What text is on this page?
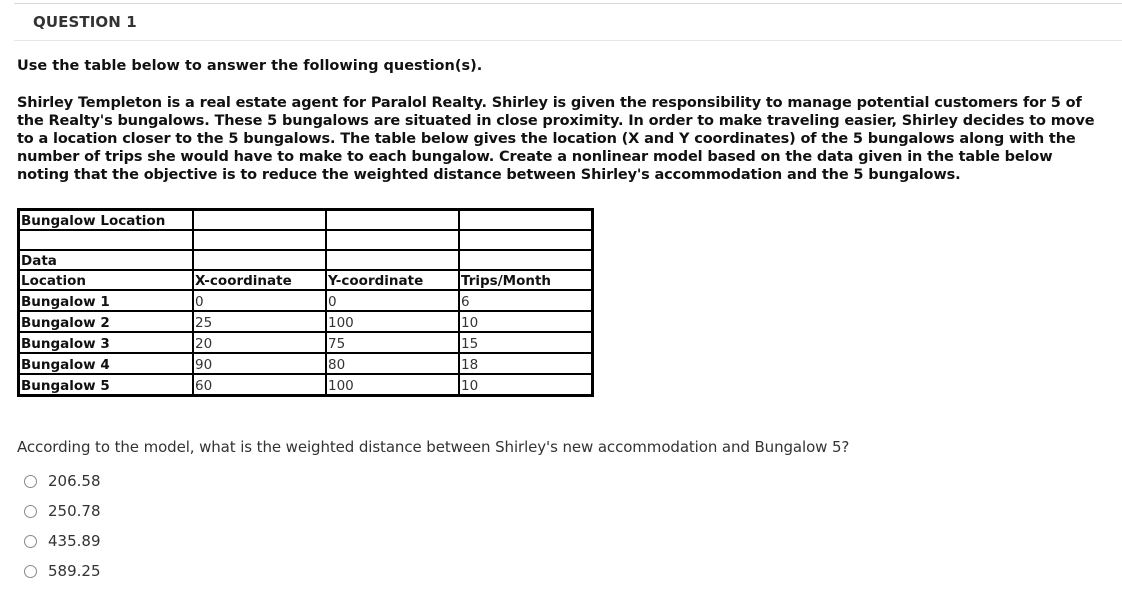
QUESTION 1
Use the table below to answer the following question(s).
Shirley Templeton is a real estate agent for Paralol Realty. Shirley is given the responsibility to manage potential customers for 5 of the Realty's bungalows. These 5 bungalows are situated in close proximity. In order to make traveling easier, Shirley decides to move to a location closer to the 5 bungalows. The table below gives the location (X and Y coordinates) of the 5 bungalows along with the number of trips she would have to make to each bungalow. Create a nonlinear model based on the data given in the table below noting that the objective is to reduce the weighted distance between Shirley's accommodation and the 5 bungalows.
Bungalow Location			

Data			
Location	X-coordinate	Y-coordinate	Trips/Month
Bungalow 1	0	0	6
Bungalow 2	25	100	10
Bungalow 3	20	75	15
Bungalow 4	90	80	18
Bungalow 5	60	100	10
According to the model, what is the weighted distance between Shirley's new accommodation and Bungalow 5?
206.58
250.78
435.89
589.25
